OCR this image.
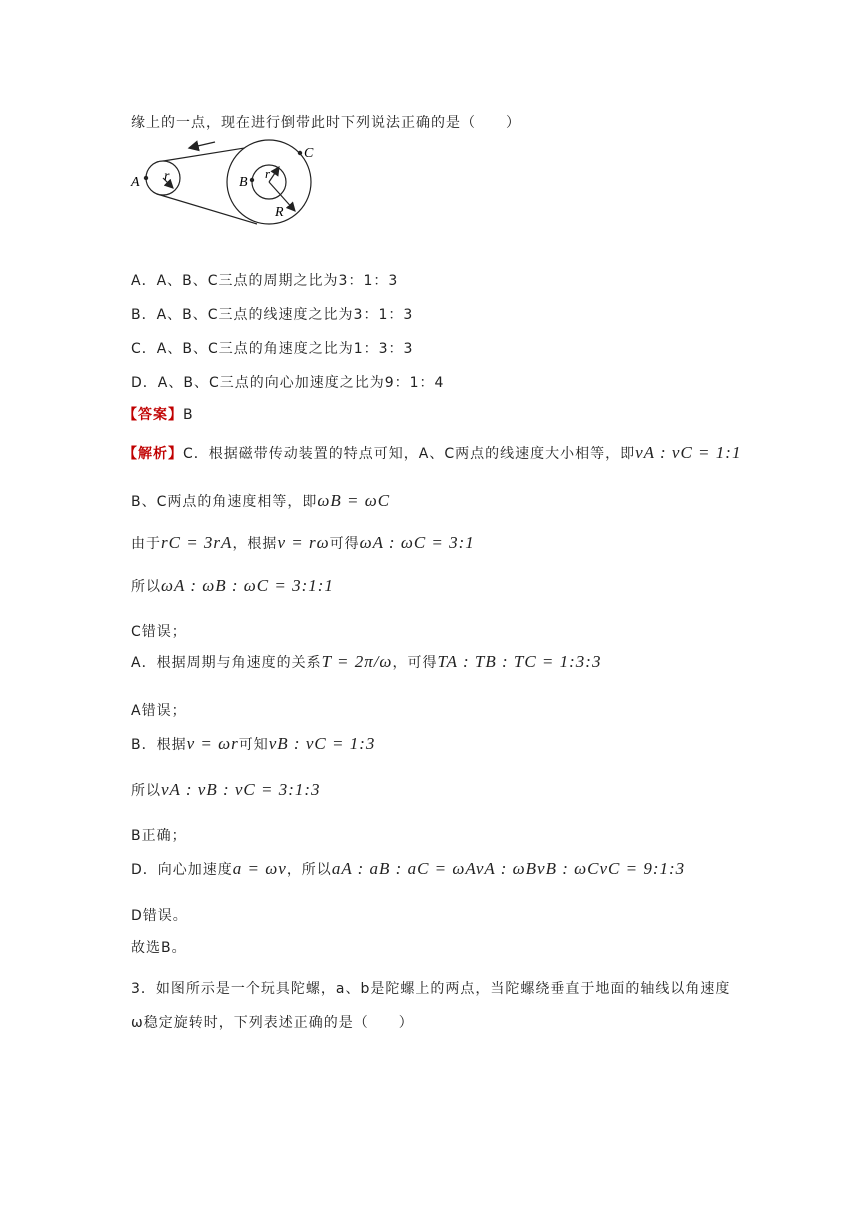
缘上的一点，现在进行倒带此时下列说法正确的是（　　）
A r	B
r
C
R
A．A、B、C三点的周期之比为3：1：3
B．A、B、C三点的线速度之比为3：1：3
C．A、B、C三点的角速度之比为1：3：3
D．A、B、C三点的向心加速度之比为9：1：4
【答案】B
【解析】C．根据磁带传动装置的特点可知，A、C两点的线速度大小相等，即vA : vC = 1:1
B、C两点的角速度相等，即ωB = ωC
由于rC = 3rA，根据v = rω可得ωA : ωC = 3:1
所以ωA : ωB : ωC = 3:1:1
C错误；
A．根据周期与角速度的关系T = 2π/ω，可得TA : TB : TC = 1:3:3
A错误；
B．根据v = ωr可知vB : vC = 1:3
所以vA : vB : vC = 3:1:3
B正确；
D．向心加速度a = ωv，所以aA : aB : aC = ωAvA : ωBvB : ωCvC = 9:1:3
D错误。
故选B。
3．如图所示是一个玩具陀螺，a、b是陀螺上的两点，当陀螺绕垂直于地面的轴线以角速度
ω稳定旋转时，下列表述正确的是（　　）
